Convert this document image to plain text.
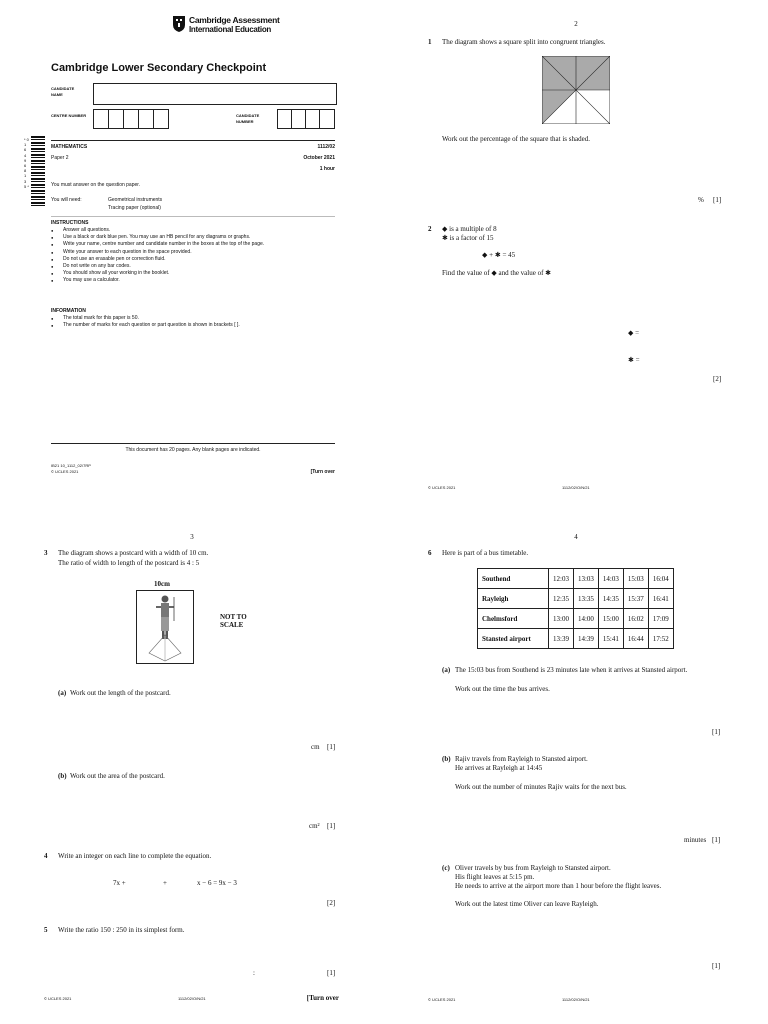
Cambridge Assessment
International Education
Cambridge Lower Secondary Checkpoint
CANDIDATE NAME
CENTRE NUMBER	CANDIDATE NUMBER
* 0 1 6 4 9 6 8 1 3 5 *
MATHEMATICS	1112/02
Paper 2	October 2021
1 hour
You must answer on the question paper.
You will need:	Geometrical instruments
Tracing paper (optional)
INSTRUCTIONS
● Answer all questions.
● Use a black or dark blue pen. You may use an HB pencil for any diagrams or graphs.
● Write your name, centre number and candidate number in the boxes at the top of the page.
● Write your answer to each question in the space provided.
● Do not use an erasable pen or correction fluid.
● Do not write on any bar codes.
● You should show all your working in the booklet.
● You may use a calculator.
INFORMATION
● The total mark for this paper is 50.
● The number of marks for each question or part question is shown in brackets [ ].
This document has 20 pages. Any blank pages are indicated.
IB21 10_1112_02/7RP
© UCLES 2021	[Turn over
2
1 The diagram shows a square split into congruent triangles.
Work out the percentage of the square that is shaded.
% [1]
2 ◆ is a multiple of 8
✱ is a factor of 15
◆ + ✱ = 45
Find the value of ◆ and the value of ✱
◆ =
✱ =
[2]
© UCLES 2021	1112/02/O/N/21
3
3 The diagram shows a postcard with a width of 10 cm.
The ratio of width to length of the postcard is 4 : 5
10cm
NOT TO SCALE
(a) Work out the length of the postcard.
cm [1]
(b) Work out the area of the postcard.
cm² [1]
4 Write an integer on each line to complete the equation.
7x +	+	x − 6 = 9x − 3
[2]
5 Write the ratio 150 : 250 in its simplest form.
:	[1]
© UCLES 2021	1112/02/O/N/21	[Turn over
4
6 Here is part of a bus timetable.
Southend	12:03	13:03	14:03	15:03	16:04
Rayleigh	12:35	13:35	14:35	15:37	16:41
Chelmsford	13:00	14:00	15:00	16:02	17:09
Stansted airport	13:39	14:39	15:41	16:44	17:52
(a) The 15:03 bus from Southend is 23 minutes late when it arrives at Stansted airport.
Work out the time the bus arrives.
[1]
(b) Rajiv travels from Rayleigh to Stansted airport.
He arrives at Rayleigh at 14:45
Work out the number of minutes Rajiv waits for the next bus.
minutes [1]
(c) Oliver travels by bus from Rayleigh to Stansted airport.
His flight leaves at 5:15 pm.
He needs to arrive at the airport more than 1 hour before the flight leaves.
Work out the latest time Oliver can leave Rayleigh.
[1]
© UCLES 2021	1112/02/O/N/21
